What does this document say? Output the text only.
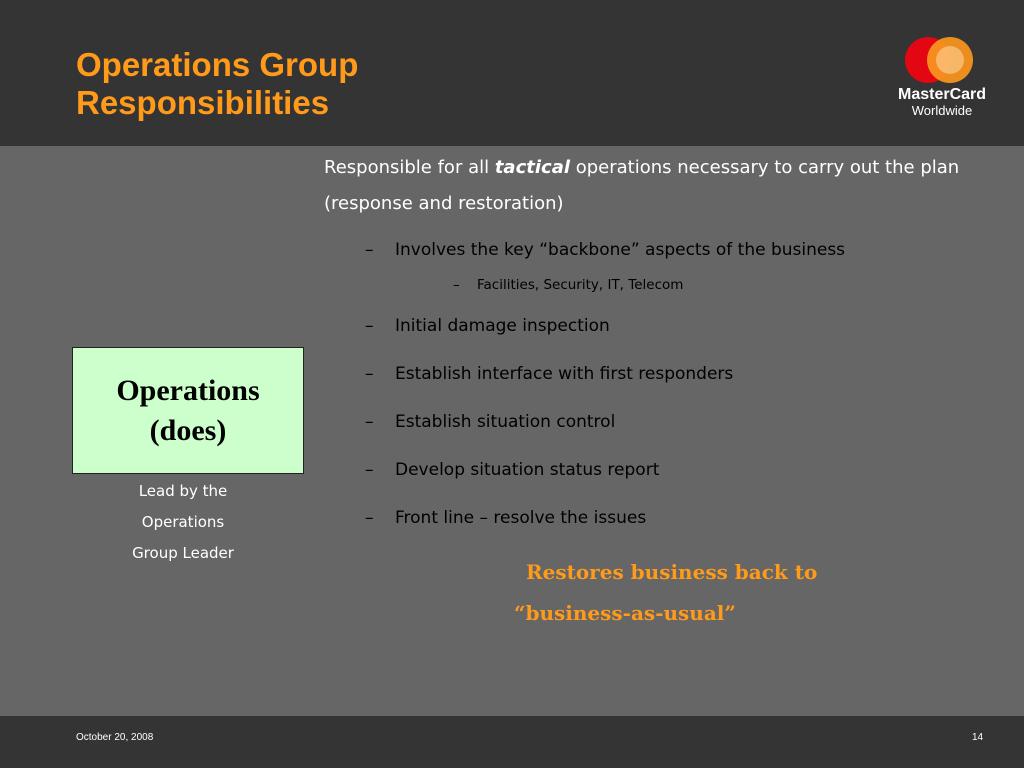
Operations Group
Responsibilities	MasterCard
Worldwide
Operations
(does)
Lead by the
Operations
Group Leader

Responsible for all tactical operations necessary to carry out the plan (response and restoration)

– Involves the key “backbone” aspects of the business
– Facilities, Security, IT, Telecom
– Initial damage inspection
– Establish interface with first responders
– Establish situation control
– Develop situation status report
– Front line – resolve the issues
Restores business back to
“business-as-usual”
October 20, 2008	14
